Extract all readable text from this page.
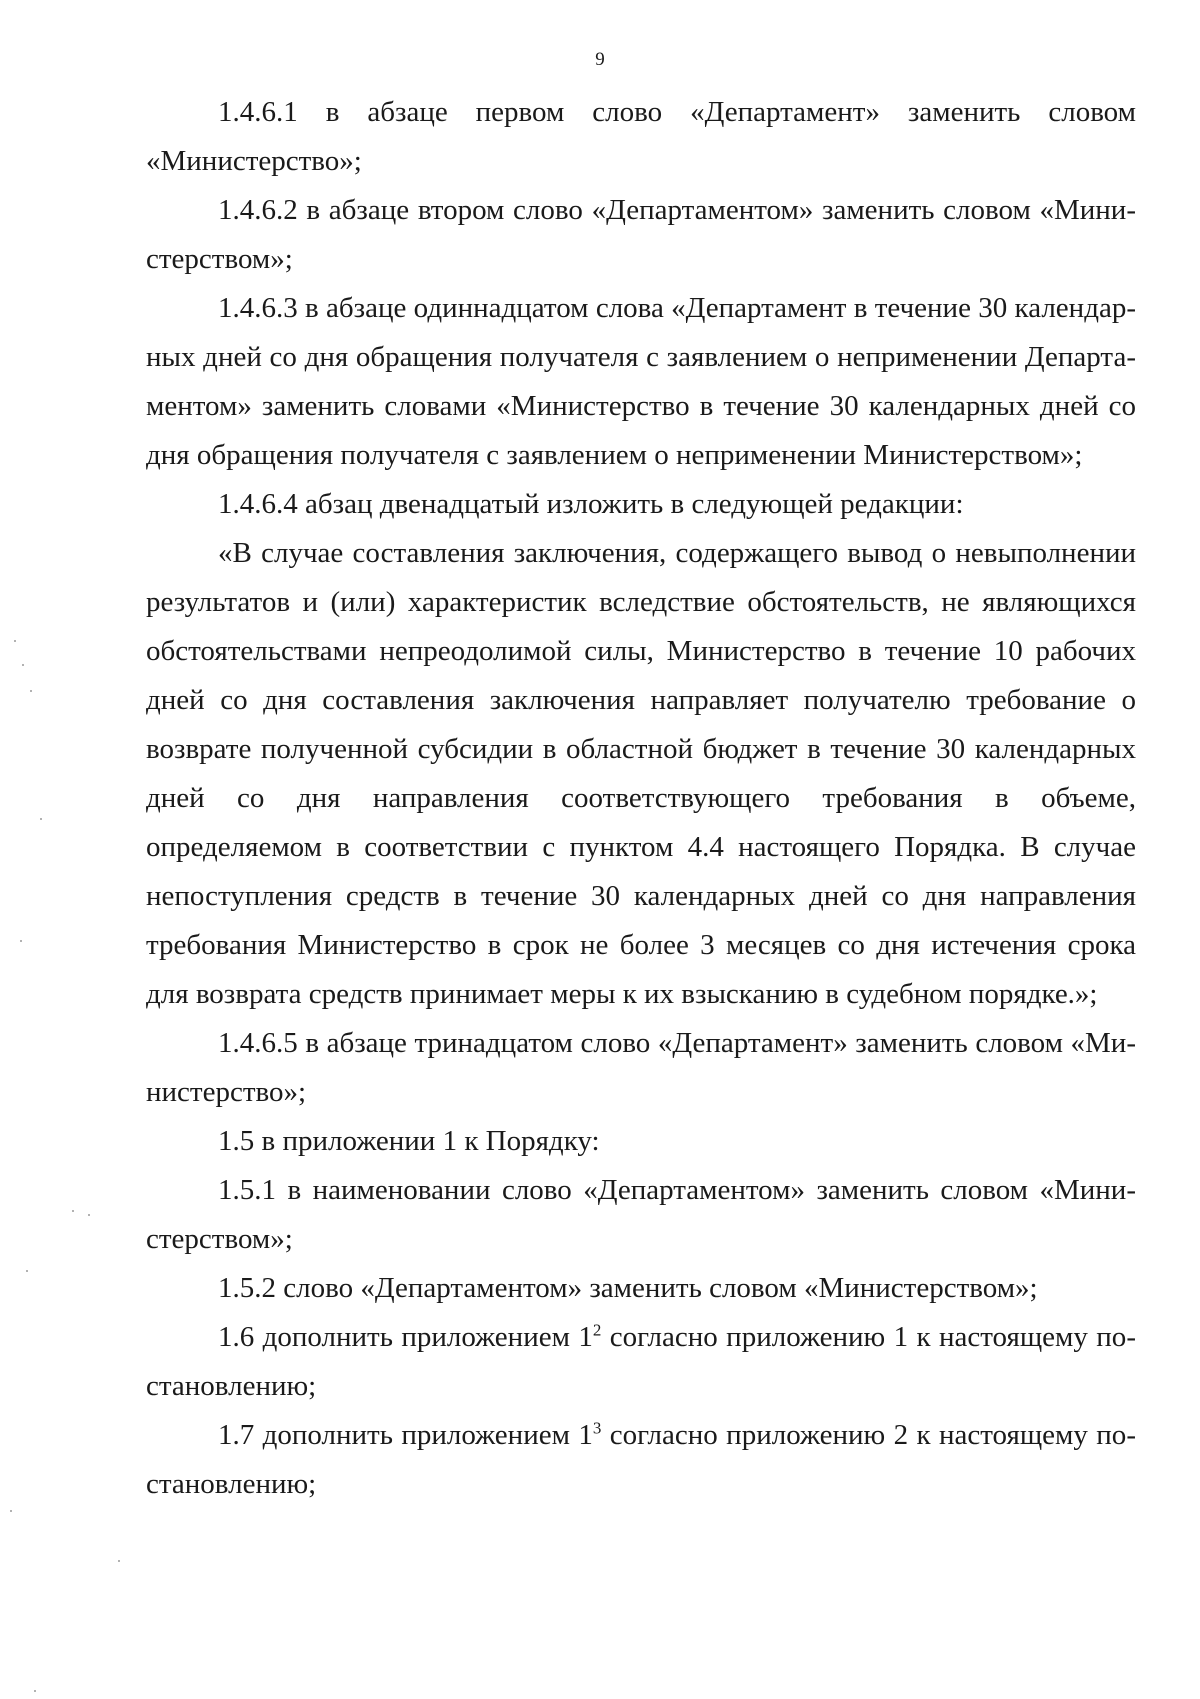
9

1.4.6.1 в абзаце первом слово «Департамент» заменить словом «Министерство»;

1.4.6.2 в абзаце втором слово «Департаментом» заменить словом «Министерством»;

1.4.6.3 в абзаце одиннадцатом слова «Департамент в течение 30 календарных дней со дня обращения получателя с заявлением о неприменении Департаментом» заменить словами «Министерство в течение 30 календарных дней со дня обращения получателя с заявлением о неприменении Министерством»;

1.4.6.4 абзац двенадцатый изложить в следующей редакции:

«В случае составления заключения, содержащего вывод о невыполнении результатов и (или) характеристик вследствие обстоятельств, не являющихся обстоятельствами непреодолимой силы, Министерство в течение 10 рабочих дней со дня составления заключения направляет получателю требование о возврате полученной субсидии в областной бюджет в течение 30 календарных дней со дня направления соответствующего требования в объеме, определяемом в соответствии с пунктом 4.4 настоящего Порядка. В случае непоступления средств в течение 30 календарных дней со дня направления требования Министерство в срок не более 3 месяцев со дня истечения срока для возврата средств принимает меры к их взысканию в судебном порядке.»;

1.4.6.5 в абзаце тринадцатом слово «Департамент» заменить словом «Министерство»;

1.5 в приложении 1 к Порядку:

1.5.1 в наименовании слово «Департаментом» заменить словом «Министерством»;

1.5.2 слово «Департаментом» заменить словом «Министерством»;

1.6 дополнить приложением $1^2$ согласно приложению 1 к настоящему постановлению;

1.7 дополнить приложением $1^3$ согласно приложению 2 к настоящему постановлению;
